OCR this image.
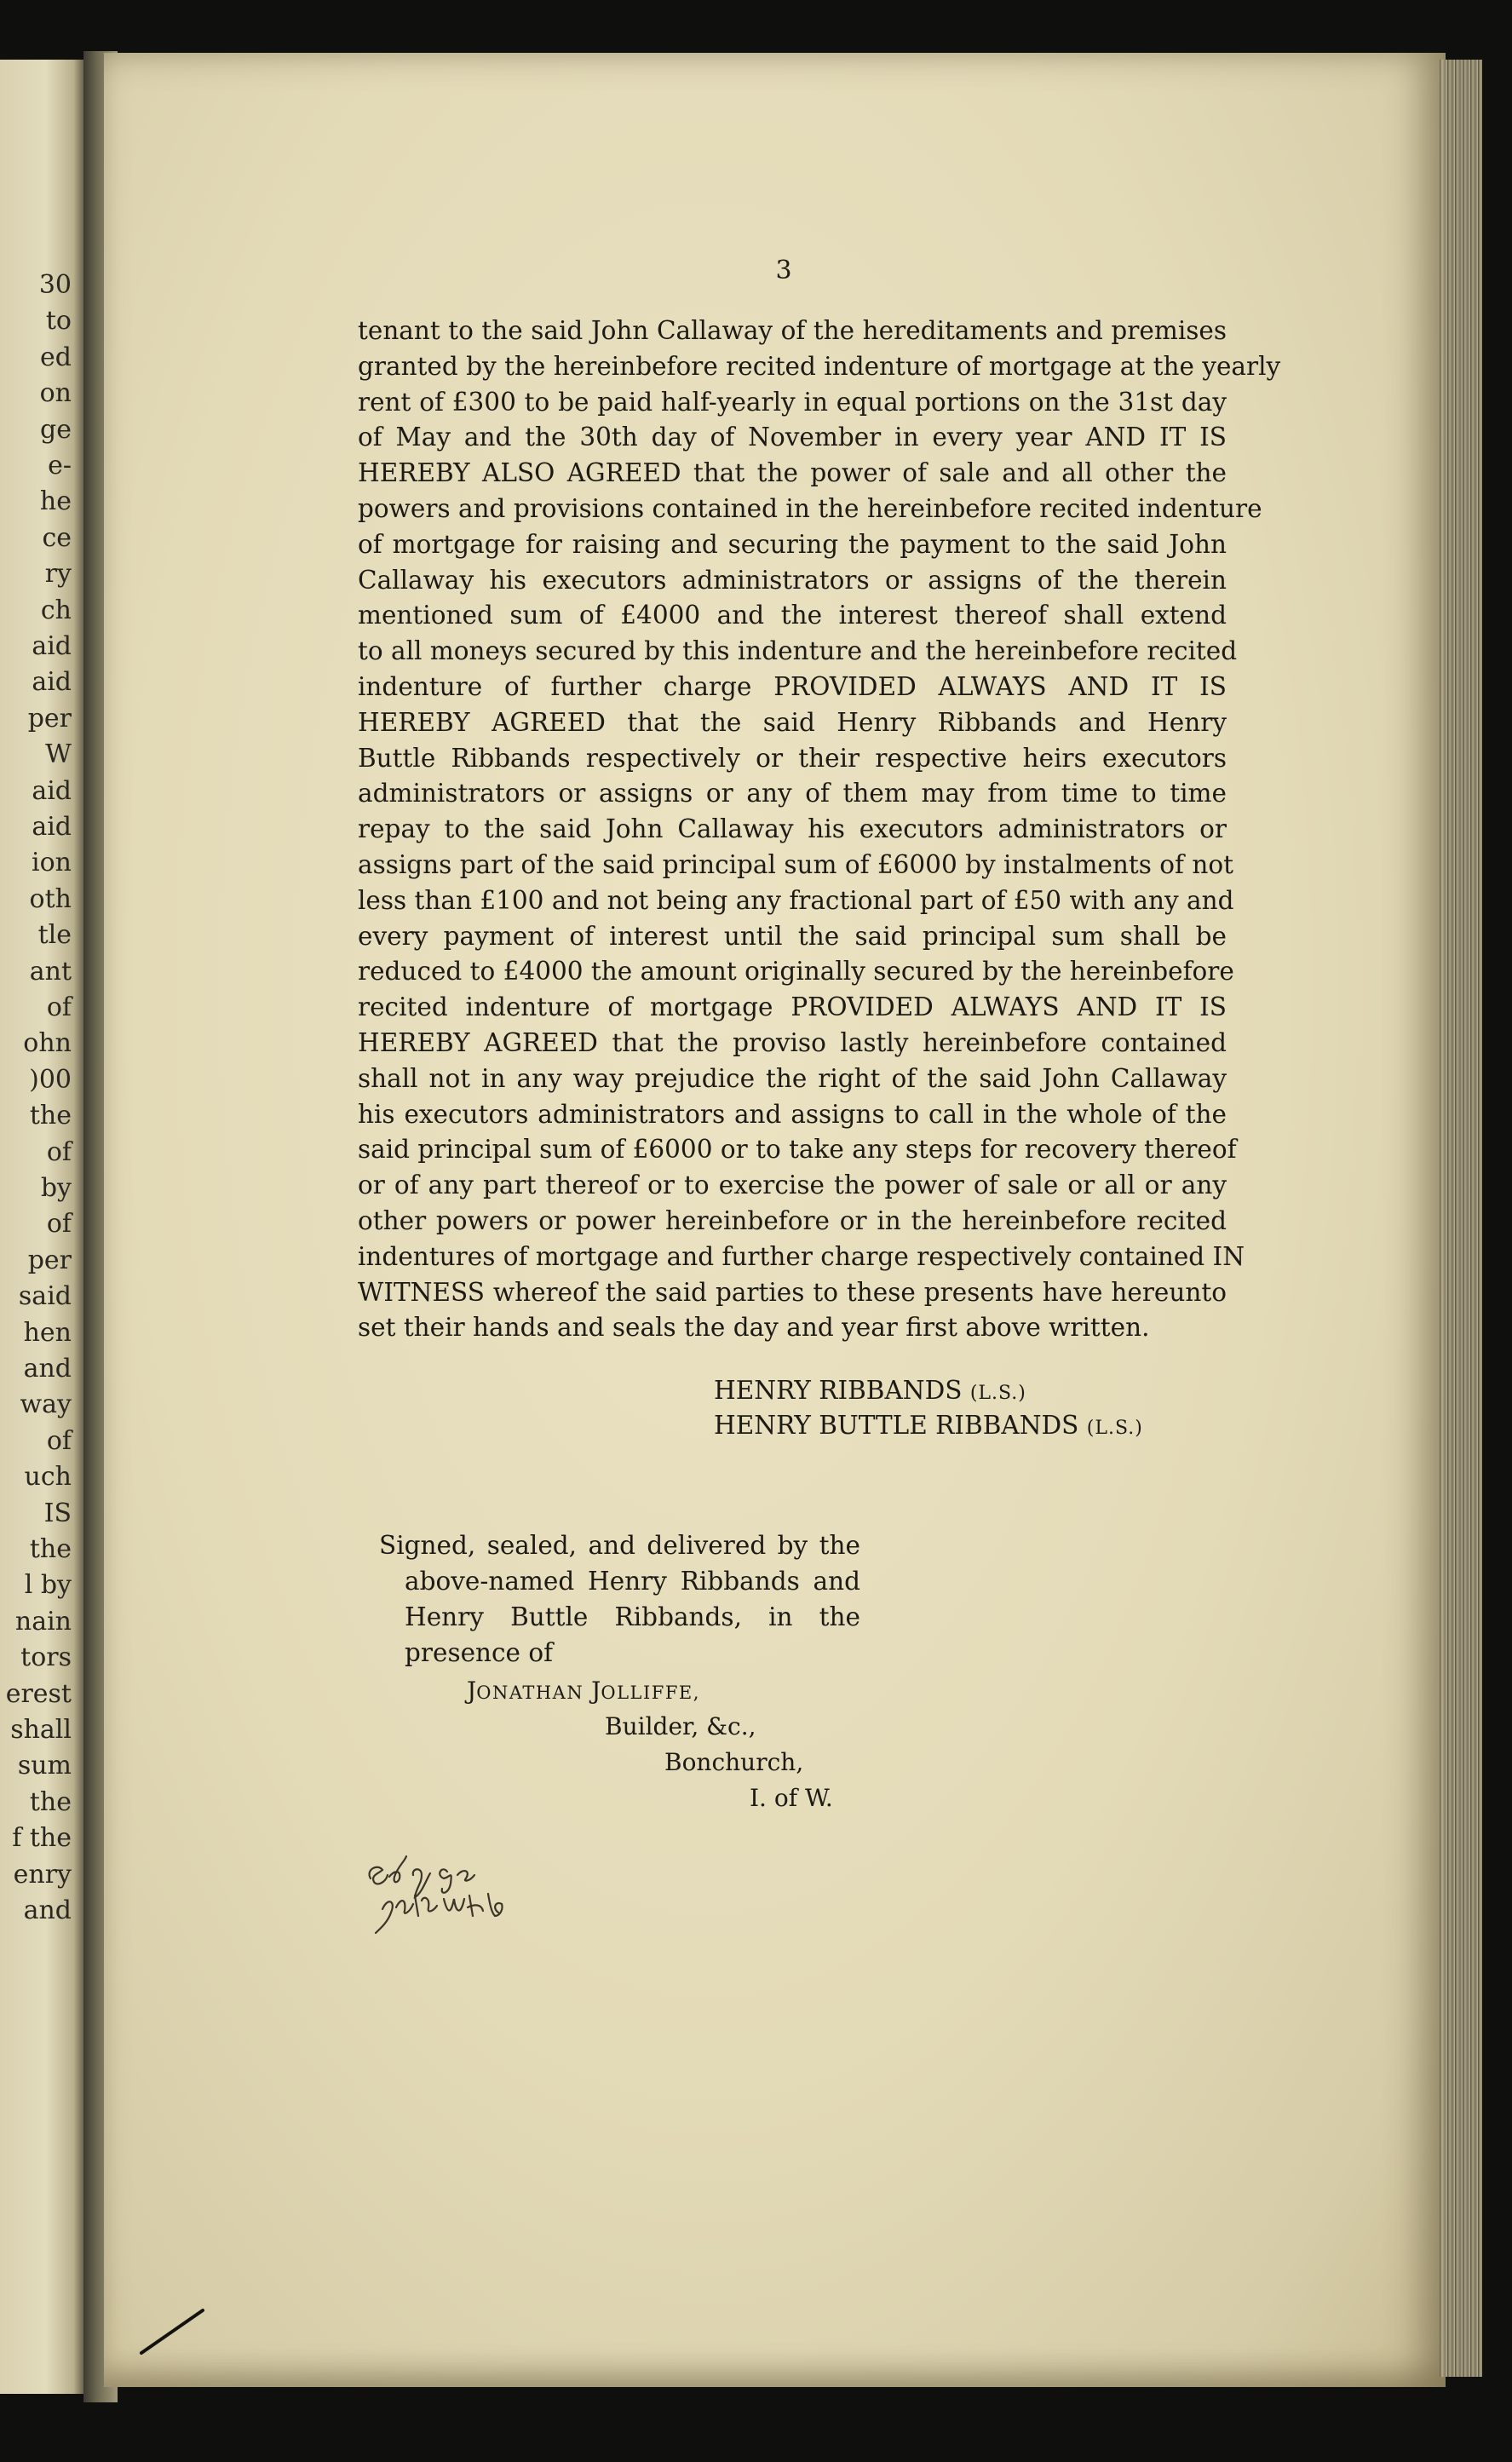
30
to
ed
on
ge
e-
he
ce
ry
ch
aid
aid
per
W
aid
aid
ion
oth
tle
ant
of
ohn
)00
the
of
by
of
per
said
hen
and
way
of
uch
IS
the
l by
nain
tors
erest
shall
sum
the
f the
enry
and
3
tenant to the said John Callaway of the hereditaments and premises
granted by the hereinbefore recited indenture of mortgage at the yearly
rent of £300 to be paid half-yearly in equal portions on the 31st day
of May and the 30th day of November in every year AND IT IS
HEREBY ALSO AGREED that the power of sale and all other the
powers and provisions contained in the hereinbefore recited indenture
of mortgage for raising and securing the payment to the said John
Callaway his executors administrators or assigns of the therein
mentioned sum of £4000 and the interest thereof shall extend
to all moneys secured by this indenture and the hereinbefore recited
indenture of further charge PROVIDED ALWAYS AND IT IS
HEREBY AGREED that the said Henry Ribbands and Henry
Buttle Ribbands respectively or their respective heirs executors
administrators or assigns or any of them may from time to time
repay to the said John Callaway his executors administrators or
assigns part of the said principal sum of £6000 by instalments of not
less than £100 and not being any fractional part of £50 with any and
every payment of interest until the said principal sum shall be
reduced to £4000 the amount originally secured by the hereinbefore
recited indenture of mortgage PROVIDED ALWAYS AND IT IS
HEREBY AGREED that the proviso lastly hereinbefore contained
shall not in any way prejudice the right of the said John Callaway
his executors administrators and assigns to call in the whole of the
said principal sum of £6000 or to take any steps for recovery thereof
or of any part thereof or to exercise the power of sale or all or any
other powers or power hereinbefore or in the hereinbefore recited
indentures of mortgage and further charge respectively contained IN
WITNESS whereof the said parties to these presents have hereunto
set their hands and seals the day and year first above written.
HENRY RIBBANDS (L.S.)
HENRY BUTTLE RIBBANDS (L.S.)
Signed, sealed, and delivered by the
above-named Henry Ribbands and
Henry Buttle Ribbands, in the
presence of
JONATHAN JOLLIFFE,
Builder, &c.,
Bonchurch,
I. of W.
